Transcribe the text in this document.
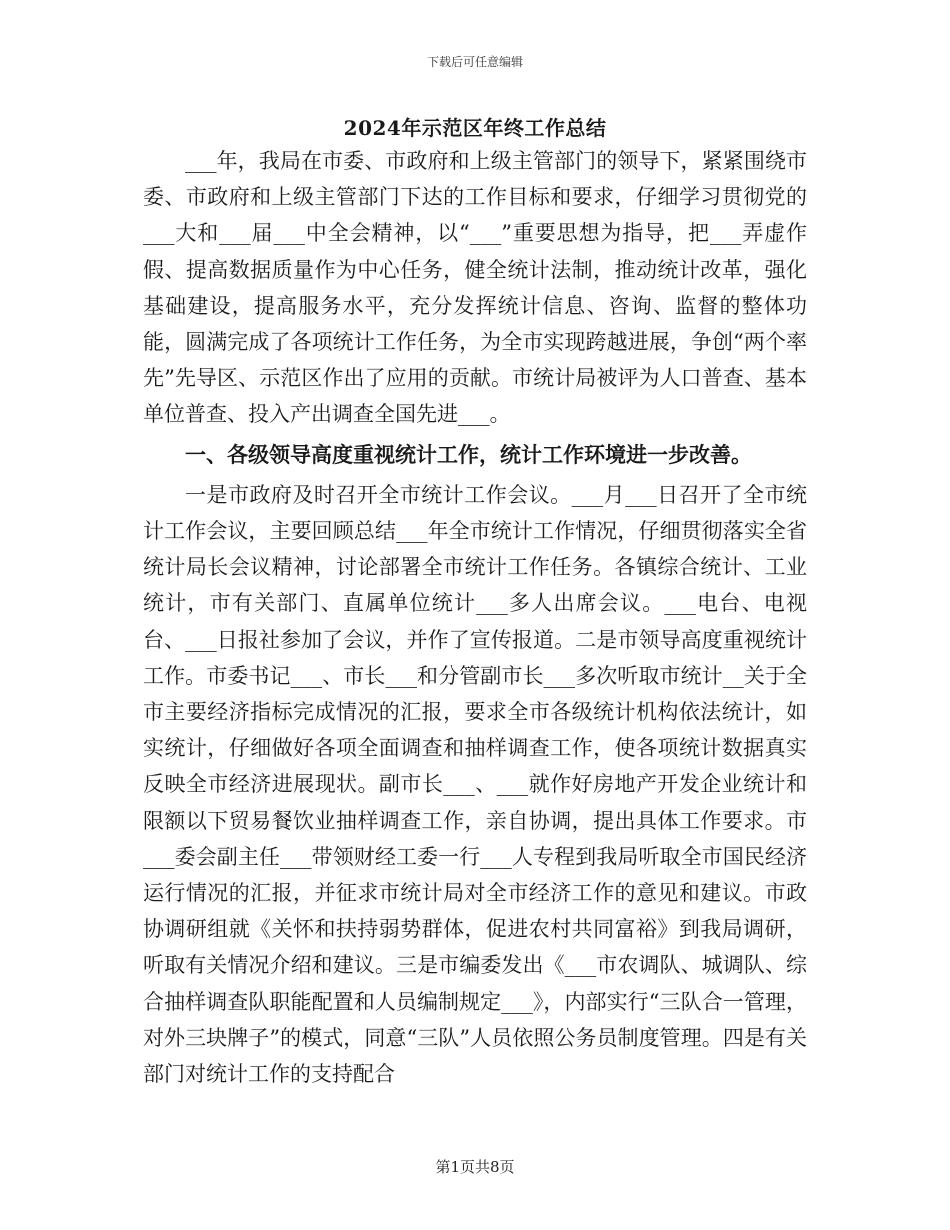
下载后可任意编辑
2024年示范区年终工作总结

___年，我局在市委、市政府和上级主管部门的领导下，紧紧围绕市委、市政府和上级主管部门下达的工作目标和要求，仔细学习贯彻党的___大和___届___中全会精神，以“___”重要思想为指导，把___弄虚作假、提高数据质量作为中心任务，健全统计法制，推动统计改革，强化基础建设，提高服务水平，充分发挥统计信息、咨询、监督的整体功能，圆满完成了各项统计工作任务，为全市实现跨越进展，争创“两个率先”先导区、示范区作出了应用的贡献。市统计局被评为人口普查、基本单位普查、投入产出调查全国先进___。

一、各级领导高度重视统计工作，统计工作环境进一步改善。

一是市政府及时召开全市统计工作会议。___月___日召开了全市统计工作会议，主要回顾总结___年全市统计工作情况，仔细贯彻落实全省统计局长会议精神，讨论部署全市统计工作任务。各镇综合统计、工业统计，市有关部门、直属单位统计___多人出席会议。___电台、电视台、___日报社参加了会议，并作了宣传报道。二是市领导高度重视统计工作。市委书记___、市长___和分管副市长___多次听取市统计__关于全市主要经济指标完成情况的汇报，要求全市各级统计机构依法统计，如实统计，仔细做好各项全面调查和抽样调查工作，使各项统计数据真实反映全市经济进展现状。副市长___、___就作好房地产开发企业统计和限额以下贸易餐饮业抽样调查工作，亲自协调，提出具体工作要求。市___委会副主任___带领财经工委一行___人专程到我局听取全市国民经济运行情况的汇报，并征求市统计局对全市经济工作的意见和建议。市政协调研组就《关怀和扶持弱势群体，促进农村共同富裕》到我局调研，听取有关情况介绍和建议。三是市编委发出《___市农调队、城调队、综合抽样调查队职能配置和人员编制规定___》，内部实行“三队合一管理，对外三块牌子”的模式，同意“三队”人员依照公务员制度管理。四是有关部门对统计工作的支持配合

第1页共8页
